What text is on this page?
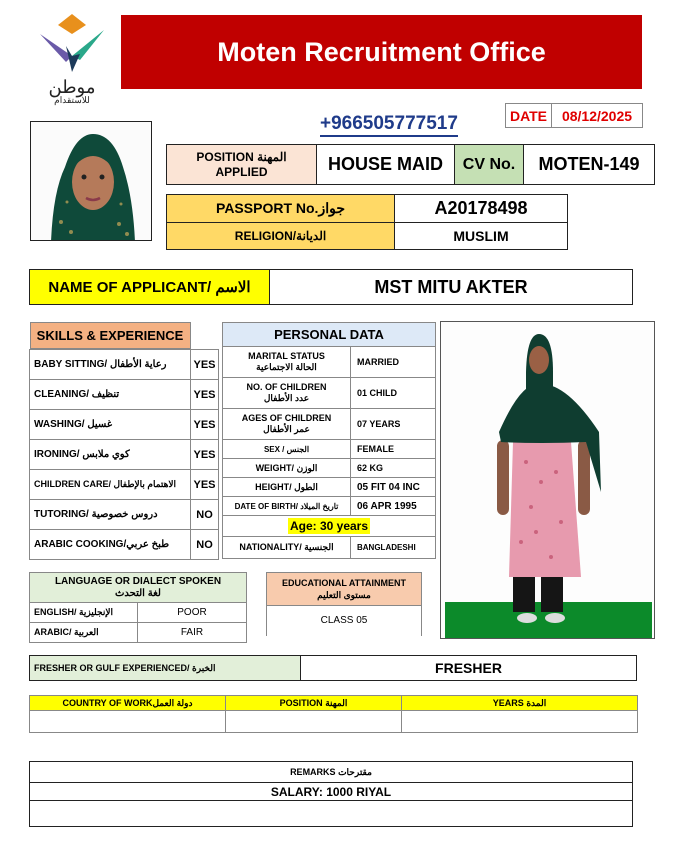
موطن
للاستقدام
Moten Recruitment Office
+966505777517	DATE	08/12/2025
POSITION المهنة
APPLIED	HOUSE MAID	CV No.	MOTEN-149
PASSPORT No.جواز	A20178498
RELIGION/الديانة	MUSLIM
NAME OF APPLICANT/ الاسم	MST MITU AKTER
SKILLS & EXPERIENCE

BABY SITTING/ رعاية الأطفال	YES
CLEANING/ تنظيف	YES
WASHING/ غسيل	YES
IRONING/ كوي ملابس	YES
CHILDREN CARE/ الاهتمام بالإطفال	YES
TUTORING/ دروس خصوصية	NO
ARABIC COOKING/طبخ عربي	NO
PERSONAL DATA	

MARITAL STATUS
الحالة الاجتماعية	MARRIED

NO. OF CHILDREN
عدد الأطفال	01 CHILD

AGES OF CHILDREN
عمر الأطفال	07 YEARS
SEX / الجنس	FEMALE
WEIGHT/ الوزن	62 KG
HEIGHT/ الطول	05 FIT 04 INC
DATE OF BIRTH/ تاريخ الميلاد	06 APR 1995
Age: 30 years	
NATIONALITY/ الجنسية	BANGLADESHI
LANGUAGE OR DIALECT SPOKEN
لغة التحدث	

ENGLISH/ الإنجليزية	POOR
ARABIC/ العربية	FAIR
EDUCATIONAL ATTAINMENT
مستوى التعليم

CLASS 05
FRESHER OR GULF EXPERIENCED/ الخبرة	FRESHER
COUNTRY OF WORKدولة العمل	POSITION المهنة	YEARS المدة

REMARKS مقترحات
SALARY: 1000 RIYAL
